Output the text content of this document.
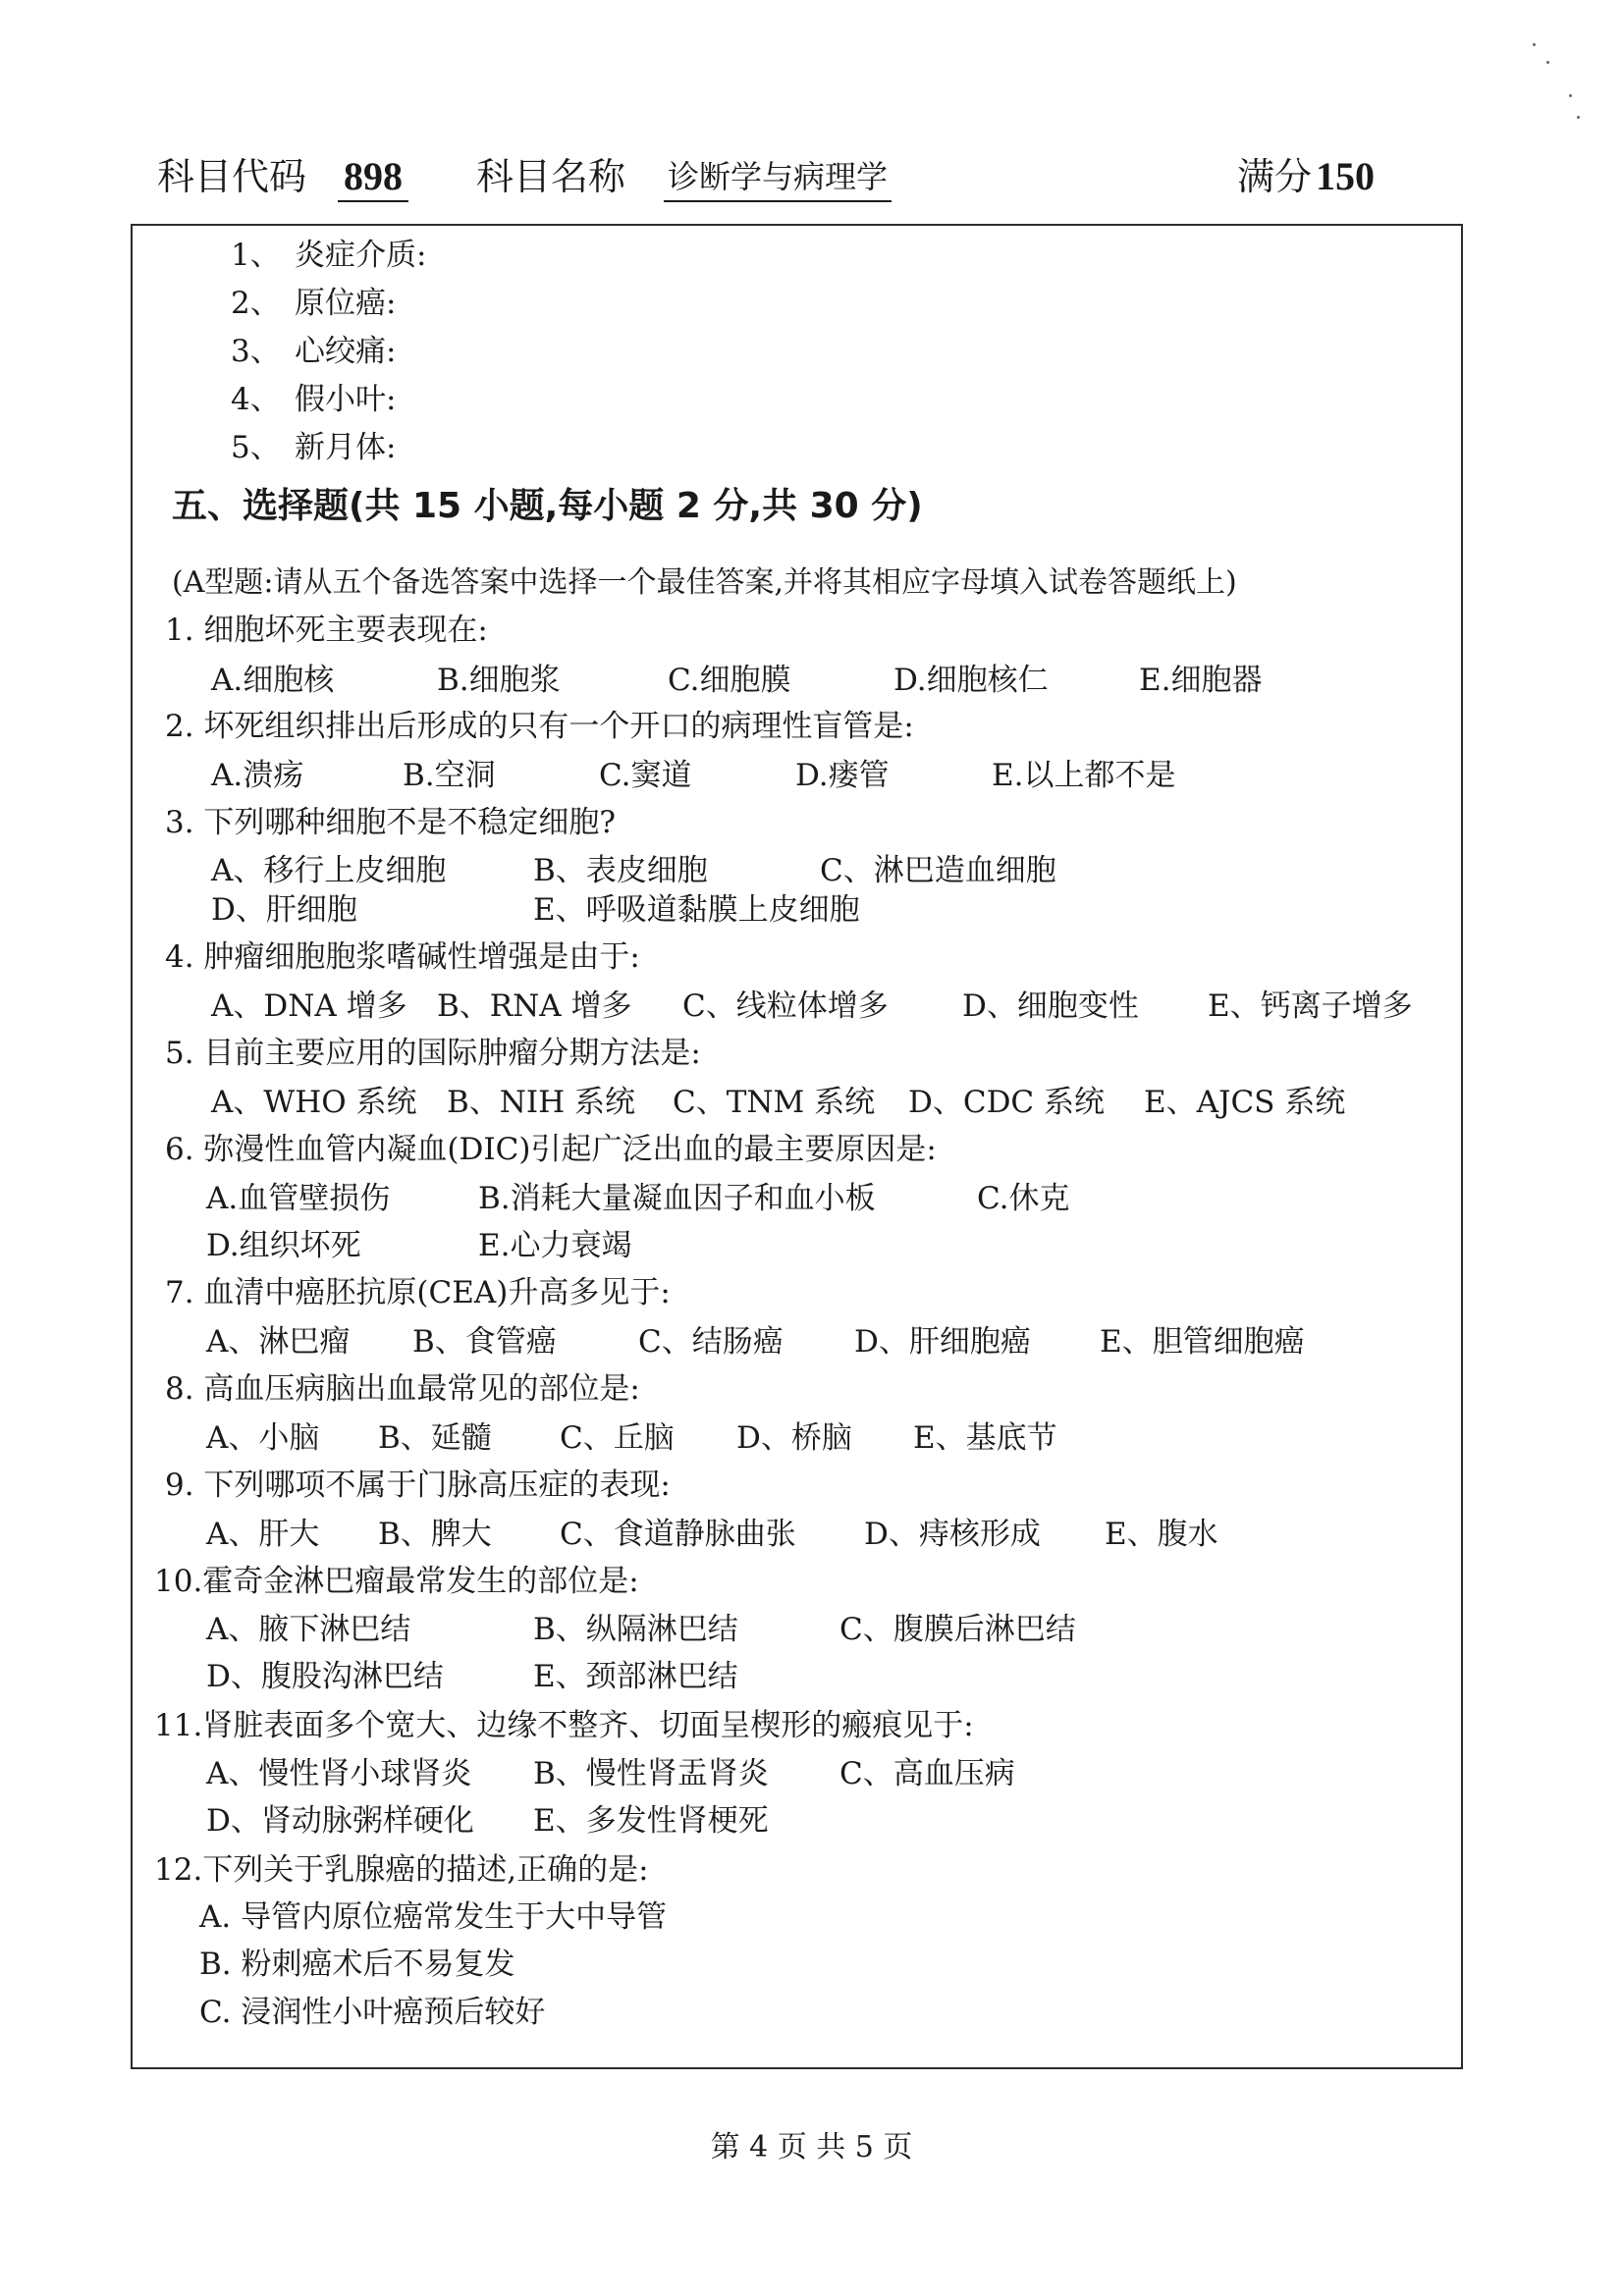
科目代码 898 科目名称 诊断学与病理学	满分 150
1、 炎症介质:
2、 原位癌:
3、 心绞痛:
4、 假小叶:
5、 新月体:
五、选择题(共 15 小题,每小题 2 分,共 30 分)
(A型题:请从五个备选答案中选择一个最佳答案,并将其相应字母填入试卷答题纸上)
1. 细胞坏死主要表现在:
A.细胞核	B.细胞浆	C.细胞膜	D.细胞核仁	E.细胞器
2. 坏死组织排出后形成的只有一个开口的病理性盲管是:
A.溃疡	B.空洞	C.窦道	D.瘘管	E.以上都不是
3. 下列哪种细胞不是不稳定细胞?
A、移行上皮细胞	B、表皮细胞	C、淋巴造血细胞
D、肝细胞	E、呼吸道黏膜上皮细胞
4. 肿瘤细胞胞浆嗜碱性增强是由于:
A、DNA 增多 B、RNA 增多 C、线粒体增多 D、细胞变性 E、钙离子增多
5. 目前主要应用的国际肿瘤分期方法是:
A、WHO 系统 B、NIH 系统 C、TNM 系统 D、CDC 系统 E、AJCS 系统
6. 弥漫性血管内凝血(DIC)引起广泛出血的最主要原因是:
A.血管壁损伤	B.消耗大量凝血因子和血小板	C.休克
D.组织坏死	E.心力衰竭
7. 血清中癌胚抗原(CEA)升高多见于:
A、淋巴瘤 B、食管癌	C、结肠癌 D、肝细胞癌 E、胆管细胞癌
8. 高血压病脑出血最常见的部位是:
A、小脑 B、延髓 C、丘脑 D、桥脑 E、基底节
9. 下列哪项不属于门脉高压症的表现:
A、肝大 B、脾大 C、食道静脉曲张 D、痔核形成 E、腹水
10.霍奇金淋巴瘤最常发生的部位是:
A、腋下淋巴结	B、纵隔淋巴结	C、腹膜后淋巴结
D、腹股沟淋巴结	E、颈部淋巴结
11.肾脏表面多个宽大、边缘不整齐、切面呈楔形的瘢痕见于:
A、慢性肾小球肾炎 B、慢性肾盂肾炎 C、高血压病
D、肾动脉粥样硬化 E、多发性肾梗死
12.下列关于乳腺癌的描述,正确的是:
A. 导管内原位癌常发生于大中导管
B. 粉刺癌术后不易复发
C. 浸润性小叶癌预后较好
第 4 页 共 5 页
